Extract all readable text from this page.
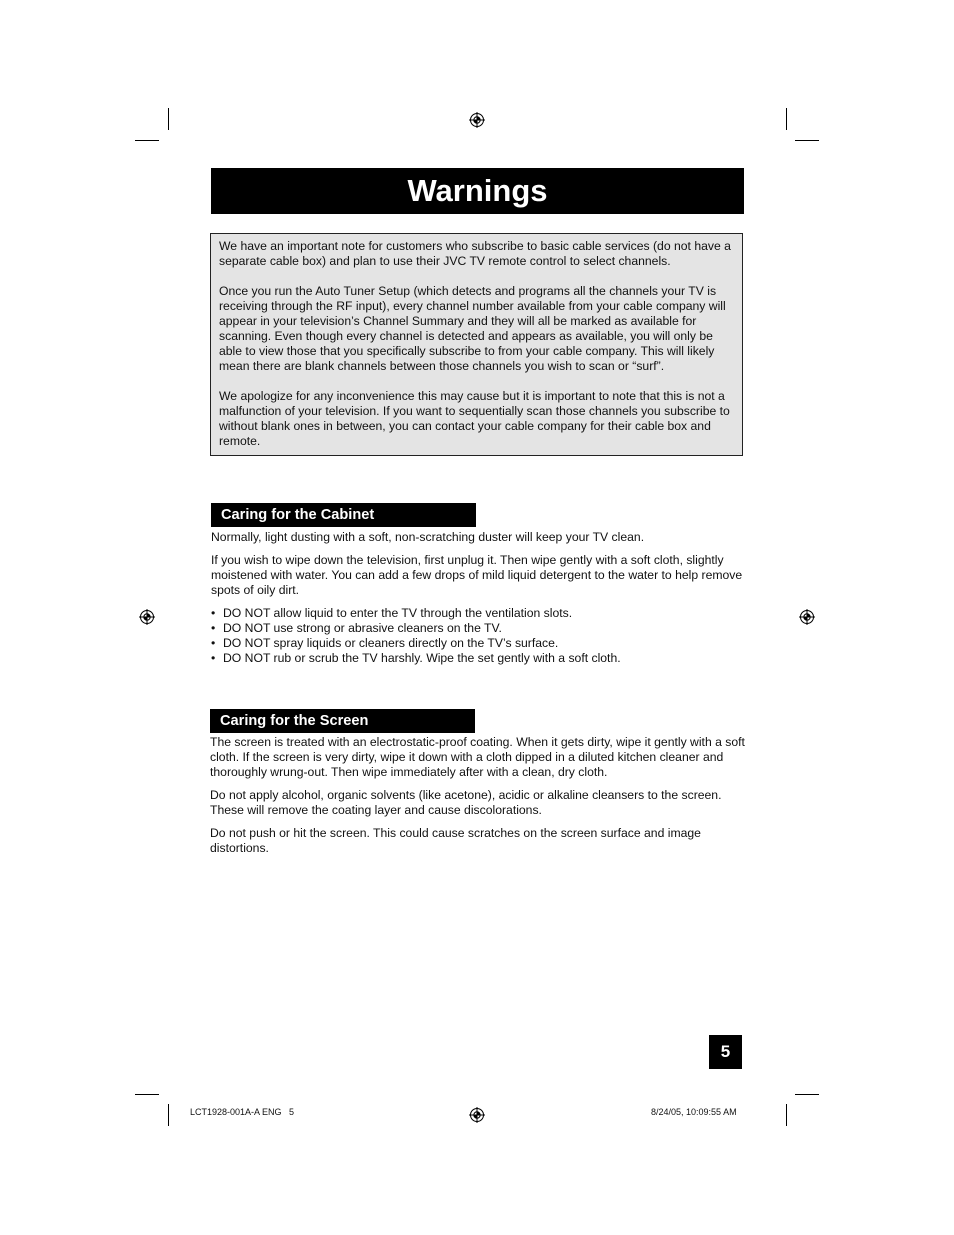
Warnings

We have an important note for customers who subscribe to basic cable services (do not have a separate cable box) and plan to use their JVC TV remote control to select channels.

Once you run the Auto Tuner Setup (which detects and programs all the channels your TV is receiving through the RF input), every channel number available from your cable company will appear in your television’s Channel Summary and they will all be marked as available for scanning. Even though every channel is detected and appears as available, you will only be able to view those that you specifically subscribe to from your cable company. This will likely mean there are blank channels between those channels you wish to scan or “surf”.

We apologize for any inconvenience this may cause but it is important to note that this is not a malfunction of your television. If you want to sequentially scan those channels you subscribe to without blank ones in between, you can contact your cable company for their cable box and remote.

Caring for the Cabinet

Normally, light dusting with a soft, non-scratching duster will keep your TV clean.

If you wish to wipe down the television, first unplug it. Then wipe gently with a soft cloth, slightly moistened with water. You can add a few drops of mild liquid detergent to the water to help remove spots of oily dirt.

• DO NOT allow liquid to enter the TV through the ventilation slots.
• DO NOT use strong or abrasive cleaners on the TV.
• DO NOT spray liquids or cleaners directly on the TV’s surface.
• DO NOT rub or scrub the TV harshly. Wipe the set gently with a soft cloth.
Caring for the Screen

The screen is treated with an electrostatic-proof coating. When it gets dirty, wipe it gently with a soft cloth. If the screen is very dirty, wipe it down with a cloth dipped in a diluted kitchen cleaner and thoroughly wrung-out. Then wipe immediately after with a clean, dry cloth.

Do not apply alcohol, organic solvents (like acetone), acidic or alkaline cleansers to the screen. These will remove the coating layer and cause discolorations.

Do not push or hit the screen. This could cause scratches on the screen surface and image distortions.

5
LCT1928-001A-A ENG   5	8/24/05, 10:09:55 AM
